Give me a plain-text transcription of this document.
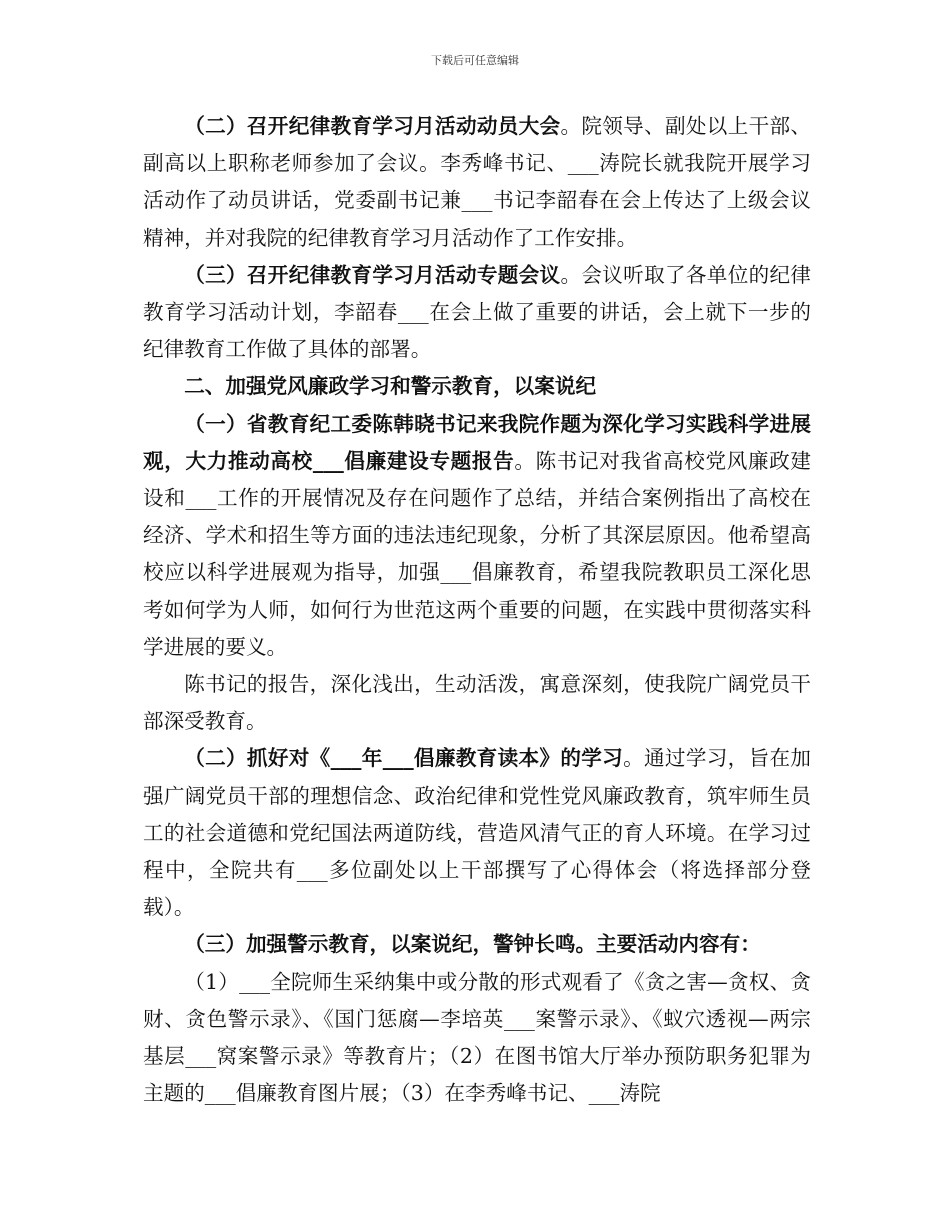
下载后可任意编辑

（二）召开纪律教育学习月活动动员大会。院领导、副处以上干部、副高以上职称老师参加了会议。李秀峰书记、___涛院长就我院开展学习活动作了动员讲话，党委副书记兼___书记李韶春在会上传达了上级会议精神，并对我院的纪律教育学习月活动作了工作安排。

（三）召开纪律教育学习月活动专题会议。会议听取了各单位的纪律教育学习活动计划，李韶春___在会上做了重要的讲话，会上就下一步的纪律教育工作做了具体的部署。

二、加强党风廉政学习和警示教育，以案说纪

（一）省教育纪工委陈韩晓书记来我院作题为深化学习实践科学进展观，大力推动高校___倡廉建设专题报告。陈书记对我省高校党风廉政建设和___工作的开展情况及存在问题作了总结，并结合案例指出了高校在经济、学术和招生等方面的违法违纪现象，分析了其深层原因。他希望高校应以科学进展观为指导，加强___倡廉教育，希望我院教职员工深化思考如何学为人师，如何行为世范这两个重要的问题，在实践中贯彻落实科学进展的要义。

陈书记的报告，深化浅出，生动活泼，寓意深刻，使我院广阔党员干部深受教育。

（二）抓好对《___年___倡廉教育读本》的学习。通过学习，旨在加强广阔党员干部的理想信念、政治纪律和党性党风廉政教育，筑牢师生员工的社会道德和党纪国法两道防线，营造风清气正的育人环境。在学习过程中，全院共有___多位副处以上干部撰写了心得体会（将选择部分登载）。

（三）加强警示教育，以案说纪，警钟长鸣。主要活动内容有：

（1）___全院师生采纳集中或分散的形式观看了《贪之害—贪权、贪财、贪色警示录》、《国门惩腐—李培英___案警示录》、《蚁穴透视—两宗基层___窝案警示录》等教育片；（2）在图书馆大厅举办预防职务犯罪为主题的___倡廉教育图片展；（3）在李秀峰书记、___涛院
